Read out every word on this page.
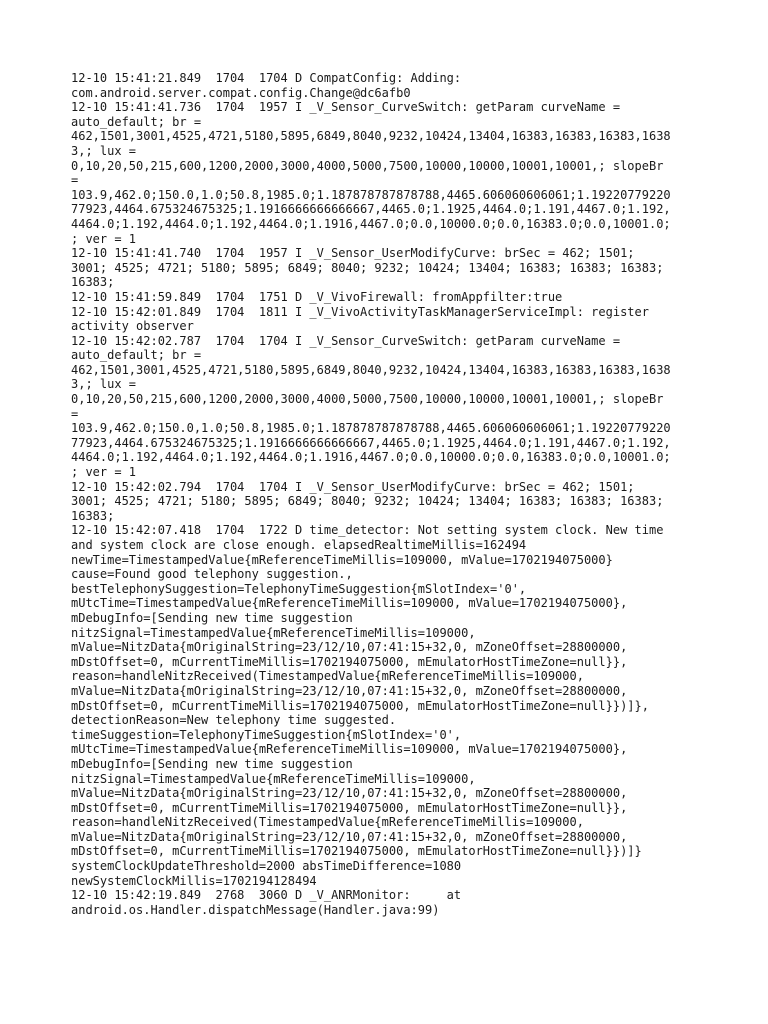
12-10 15:41:21.849  1704  1704 D CompatConfig: Adding:
com.android.server.compat.config.Change@dc6afb0
12-10 15:41:41.736  1704  1957 I _V_Sensor_CurveSwitch: getParam curveName =
auto_default; br =
462,1501,3001,4525,4721,5180,5895,6849,8040,9232,10424,13404,16383,16383,16383,1638
3,; lux =
0,10,20,50,215,600,1200,2000,3000,4000,5000,7500,10000,10000,10001,10001,; slopeBr
=
103.9,462.0;150.0,1.0;50.8,1985.0;1.187878787878788,4465.606060606061;1.19220779220
77923,4464.675324675325;1.1916666666666667,4465.0;1.1925,4464.0;1.191,4467.0;1.192,
4464.0;1.192,4464.0;1.192,4464.0;1.1916,4467.0;0.0,10000.0;0.0,16383.0;0.0,10001.0;
; ver = 1
12-10 15:41:41.740  1704  1957 I _V_Sensor_UserModifyCurve: brSec = 462; 1501;
3001; 4525; 4721; 5180; 5895; 6849; 8040; 9232; 10424; 13404; 16383; 16383; 16383;
16383;
12-10 15:41:59.849  1704  1751 D _V_VivoFirewall: fromAppfilter:true
12-10 15:42:01.849  1704  1811 I _V_VivoActivityTaskManagerServiceImpl: register
activity observer
12-10 15:42:02.787  1704  1704 I _V_Sensor_CurveSwitch: getParam curveName =
auto_default; br =
462,1501,3001,4525,4721,5180,5895,6849,8040,9232,10424,13404,16383,16383,16383,1638
3,; lux =
0,10,20,50,215,600,1200,2000,3000,4000,5000,7500,10000,10000,10001,10001,; slopeBr
=
103.9,462.0;150.0,1.0;50.8,1985.0;1.187878787878788,4465.606060606061;1.19220779220
77923,4464.675324675325;1.1916666666666667,4465.0;1.1925,4464.0;1.191,4467.0;1.192,
4464.0;1.192,4464.0;1.192,4464.0;1.1916,4467.0;0.0,10000.0;0.0,16383.0;0.0,10001.0;
; ver = 1
12-10 15:42:02.794  1704  1704 I _V_Sensor_UserModifyCurve: brSec = 462; 1501;
3001; 4525; 4721; 5180; 5895; 6849; 8040; 9232; 10424; 13404; 16383; 16383; 16383;
16383;
12-10 15:42:07.418  1704  1722 D time_detector: Not setting system clock. New time
and system clock are close enough. elapsedRealtimeMillis=162494
newTime=TimestampedValue{mReferenceTimeMillis=109000, mValue=1702194075000}
cause=Found good telephony suggestion.,
bestTelephonySuggestion=TelephonyTimeSuggestion{mSlotIndex='0',
mUtcTime=TimestampedValue{mReferenceTimeMillis=109000, mValue=1702194075000},
mDebugInfo=[Sending new time suggestion
nitzSignal=TimestampedValue{mReferenceTimeMillis=109000,
mValue=NitzData{mOriginalString=23/12/10,07:41:15+32,0, mZoneOffset=28800000,
mDstOffset=0, mCurrentTimeMillis=1702194075000, mEmulatorHostTimeZone=null}},
reason=handleNitzReceived(TimestampedValue{mReferenceTimeMillis=109000,
mValue=NitzData{mOriginalString=23/12/10,07:41:15+32,0, mZoneOffset=28800000,
mDstOffset=0, mCurrentTimeMillis=1702194075000, mEmulatorHostTimeZone=null}})]},
detectionReason=New telephony time suggested.
timeSuggestion=TelephonyTimeSuggestion{mSlotIndex='0',
mUtcTime=TimestampedValue{mReferenceTimeMillis=109000, mValue=1702194075000},
mDebugInfo=[Sending new time suggestion
nitzSignal=TimestampedValue{mReferenceTimeMillis=109000,
mValue=NitzData{mOriginalString=23/12/10,07:41:15+32,0, mZoneOffset=28800000,
mDstOffset=0, mCurrentTimeMillis=1702194075000, mEmulatorHostTimeZone=null}},
reason=handleNitzReceived(TimestampedValue{mReferenceTimeMillis=109000,
mValue=NitzData{mOriginalString=23/12/10,07:41:15+32,0, mZoneOffset=28800000,
mDstOffset=0, mCurrentTimeMillis=1702194075000, mEmulatorHostTimeZone=null}})]}
systemClockUpdateThreshold=2000 absTimeDifference=1080
newSystemClockMillis=1702194128494
12-10 15:42:19.849  2768  3060 D _V_ANRMonitor:     at
android.os.Handler.dispatchMessage(Handler.java:99)
